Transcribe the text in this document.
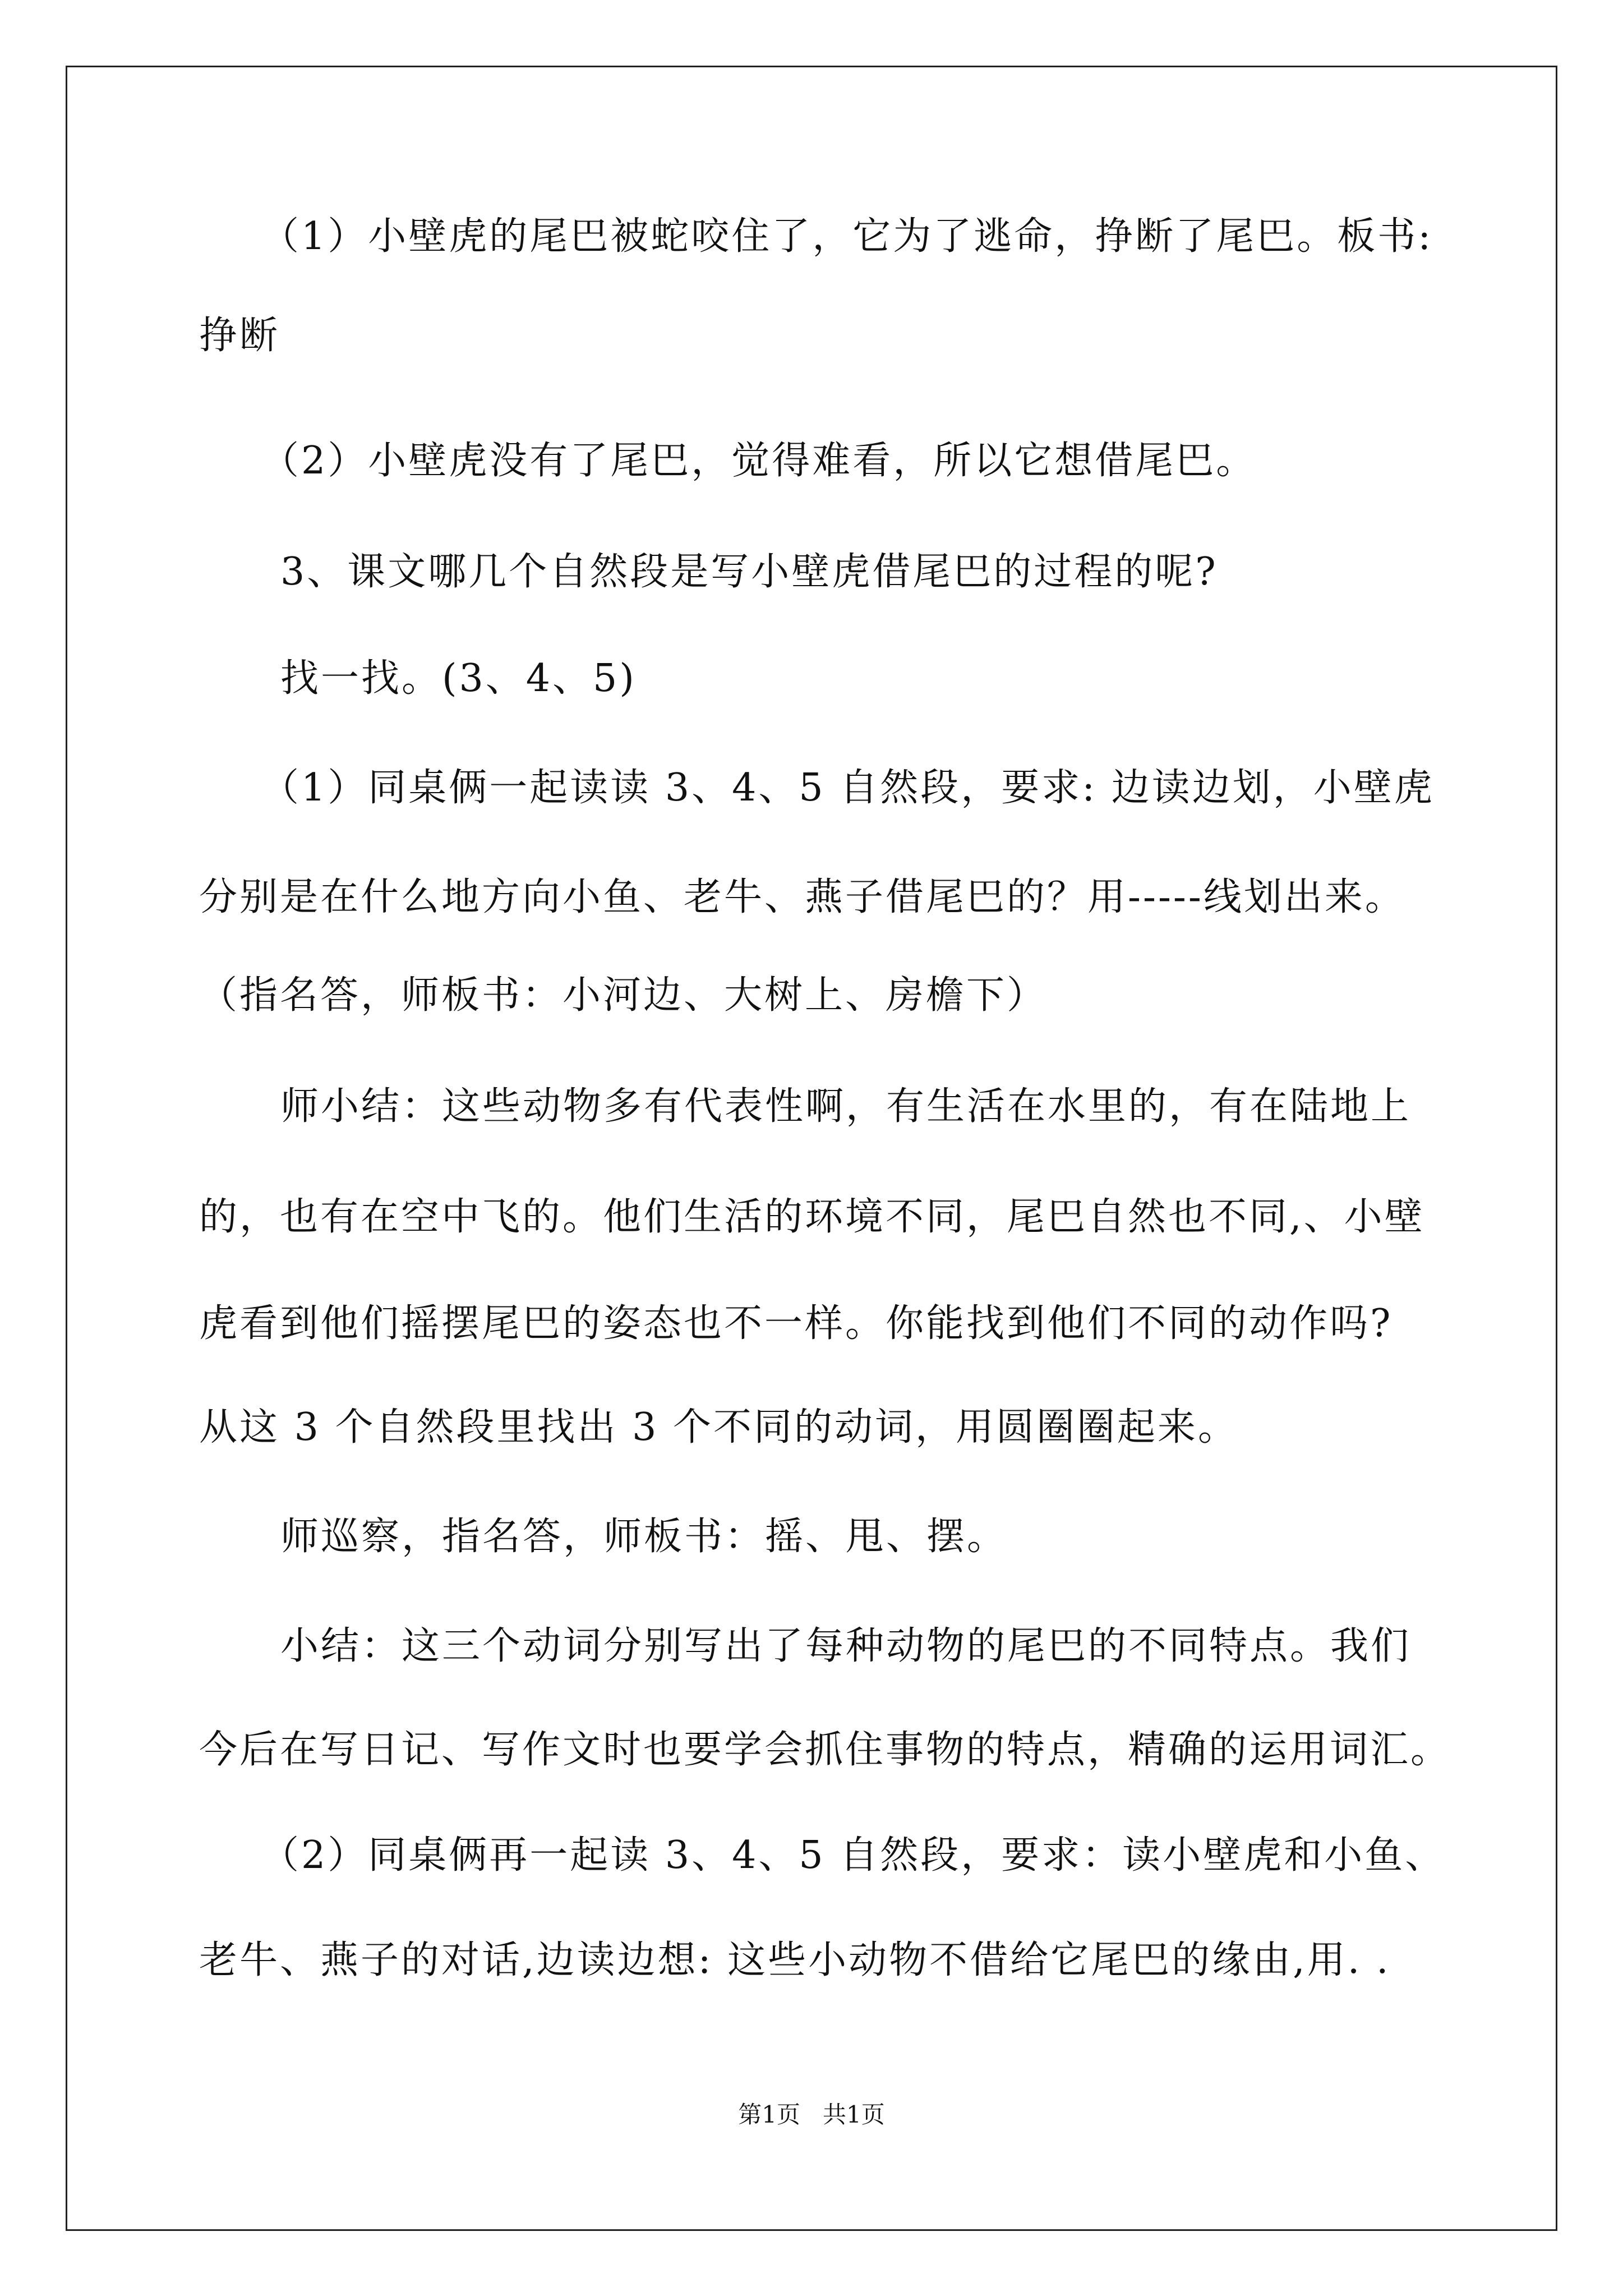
（1）小壁虎的尾巴被蛇咬住了，它为了逃命，挣断了尾巴。板书:
挣断
（2）小壁虎没有了尾巴，觉得难看，所以它想借尾巴。
3、课文哪几个自然段是写小壁虎借尾巴的过程的呢?
找一找。(3、4、5)
（1）同桌俩一起读读 3、4、5 自然段，要求: 边读边划，小壁虎
分别是在什么地方向小鱼、老牛、燕子借尾巴的？用-----线划出来。
（指名答，师板书：小河边、大树上、房檐下）
师小结：这些动物多有代表性啊，有生活在水里的，有在陆地上
的，也有在空中飞的。他们生活的环境不同，尾巴自然也不同,、小壁
虎看到他们摇摆尾巴的姿态也不一样。你能找到他们不同的动作吗?
从这 3 个自然段里找出 3 个不同的动词，用圆圈圈起来。
师巡察，指名答，师板书：摇、甩、摆。
小结：这三个动词分别写出了每种动物的尾巴的不同特点。我们
今后在写日记、写作文时也要学会抓住事物的特点，精确的运用词汇。
（2）同桌俩再一起读 3、4、5 自然段，要求：读小壁虎和小鱼、
老牛、燕子的对话,边读边想: 这些小动物不借给它尾巴的缘由,用. .
第1页 共1页
